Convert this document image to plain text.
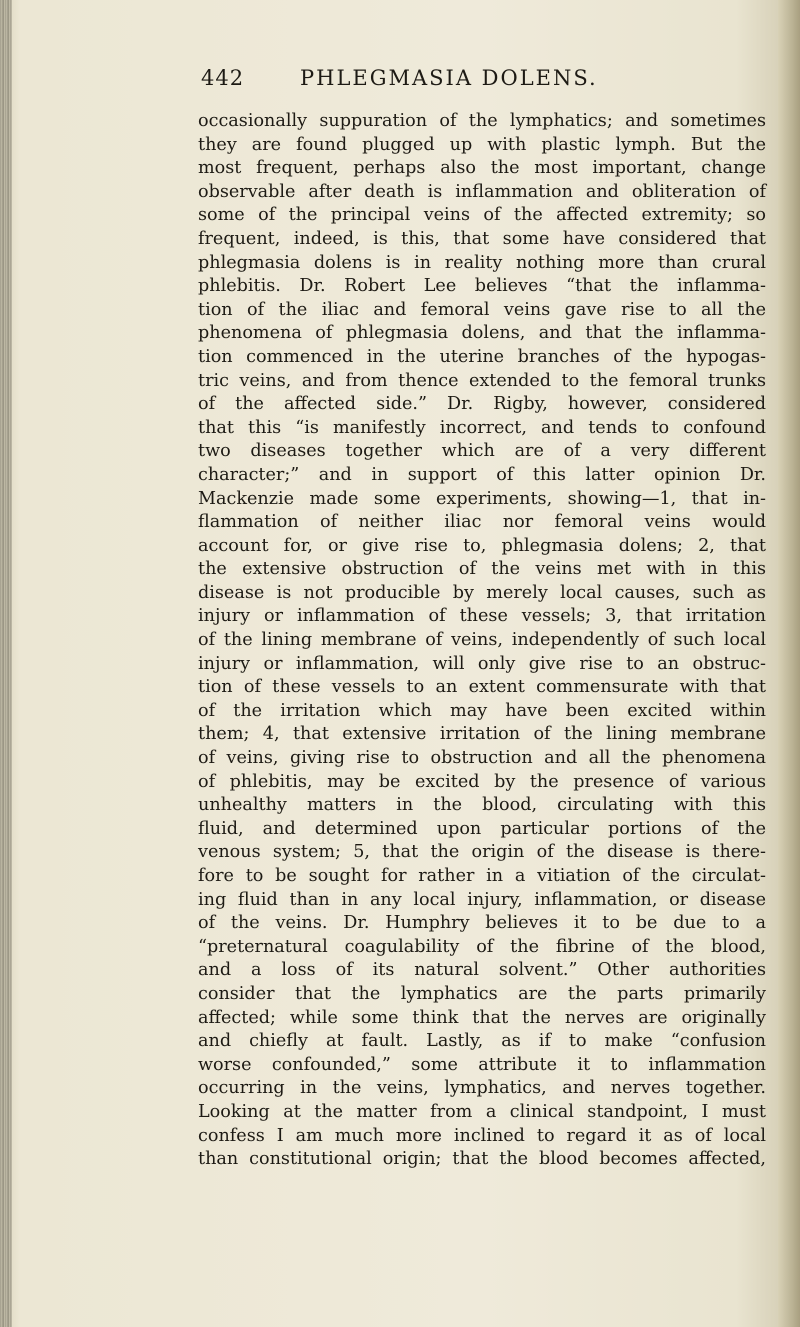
442	PHLEGMASIA DOLENS.
occasionally suppuration of the lymphatics; and sometimes
they are found plugged up with plastic lymph. But the
most frequent, perhaps also the most important, change
observable after death is inflammation and obliteration of
some of the principal veins of the affected extremity; so
frequent, indeed, is this, that some have considered that
phlegmasia dolens is in reality nothing more than crural
phlebitis. Dr. Robert Lee believes “that the inflamma-
tion of the iliac and femoral veins gave rise to all the
phenomena of phlegmasia dolens, and that the inflamma-
tion commenced in the uterine branches of the hypogas-
tric veins, and from thence extended to the femoral trunks
of the affected side.” Dr. Rigby, however, considered
that this “is manifestly incorrect, and tends to confound
two diseases together which are of a very different
character;” and in support of this latter opinion Dr.
Mackenzie made some experiments, showing—1, that in-
flammation of neither iliac nor femoral veins would
account for, or give rise to, phlegmasia dolens; 2, that
the extensive obstruction of the veins met with in this
disease is not producible by merely local causes, such as
injury or inflammation of these vessels; 3, that irritation
of the lining membrane of veins, independently of such local
injury or inflammation, will only give rise to an obstruc-
tion of these vessels to an extent commensurate with that
of the irritation which may have been excited within
them; 4, that extensive irritation of the lining membrane
of veins, giving rise to obstruction and all the phenomena
of phlebitis, may be excited by the presence of various
unhealthy matters in the blood, circulating with this
fluid, and determined upon particular portions of the
venous system; 5, that the origin of the disease is there-
fore to be sought for rather in a vitiation of the circulat-
ing fluid than in any local injury, inflammation, or disease
of the veins. Dr. Humphry believes it to be due to a
“preternatural coagulability of the fibrine of the blood,
and a loss of its natural solvent.” Other authorities
consider that the lymphatics are the parts primarily
affected; while some think that the nerves are originally
and chiefly at fault. Lastly, as if to make “confusion
worse confounded,” some attribute it to inflammation
occurring in the veins, lymphatics, and nerves together.
Looking at the matter from a clinical standpoint, I must
confess I am much more inclined to regard it as of local
than constitutional origin; that the blood becomes affected,
